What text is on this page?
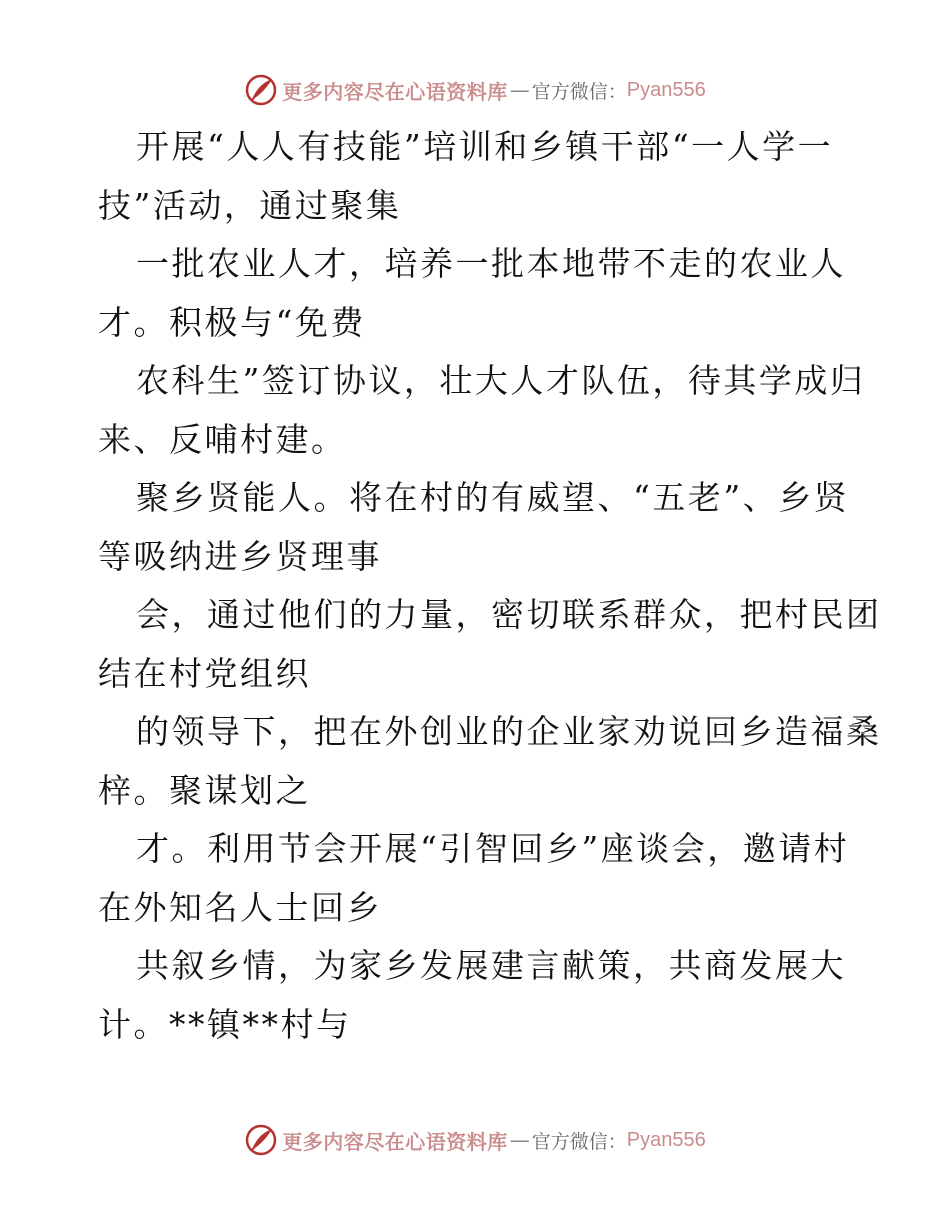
更多内容尽在心语资料库 — 官方微信： Pyan556
开展“人人有技能”培训和乡镇干部“一人学一
技”活动，通过聚集
一批农业人才，培养一批本地带不走的农业人
才。积极与“免费
农科生”签订协议，壮大人才队伍，待其学成归
来、反哺村建。
聚乡贤能人。将在村的有威望、“五老”、乡贤
等吸纳进乡贤理事
会，通过他们的力量，密切联系群众，把村民团
结在村党组织
的领导下，把在外创业的企业家劝说回乡造福桑
梓。聚谋划之
才。利用节会开展“引智回乡”座谈会，邀请村
在外知名人士回乡
共叙乡情，为家乡发展建言献策，共商发展大
计。**镇**村与
更多内容尽在心语资料库 — 官方微信： Pyan556
